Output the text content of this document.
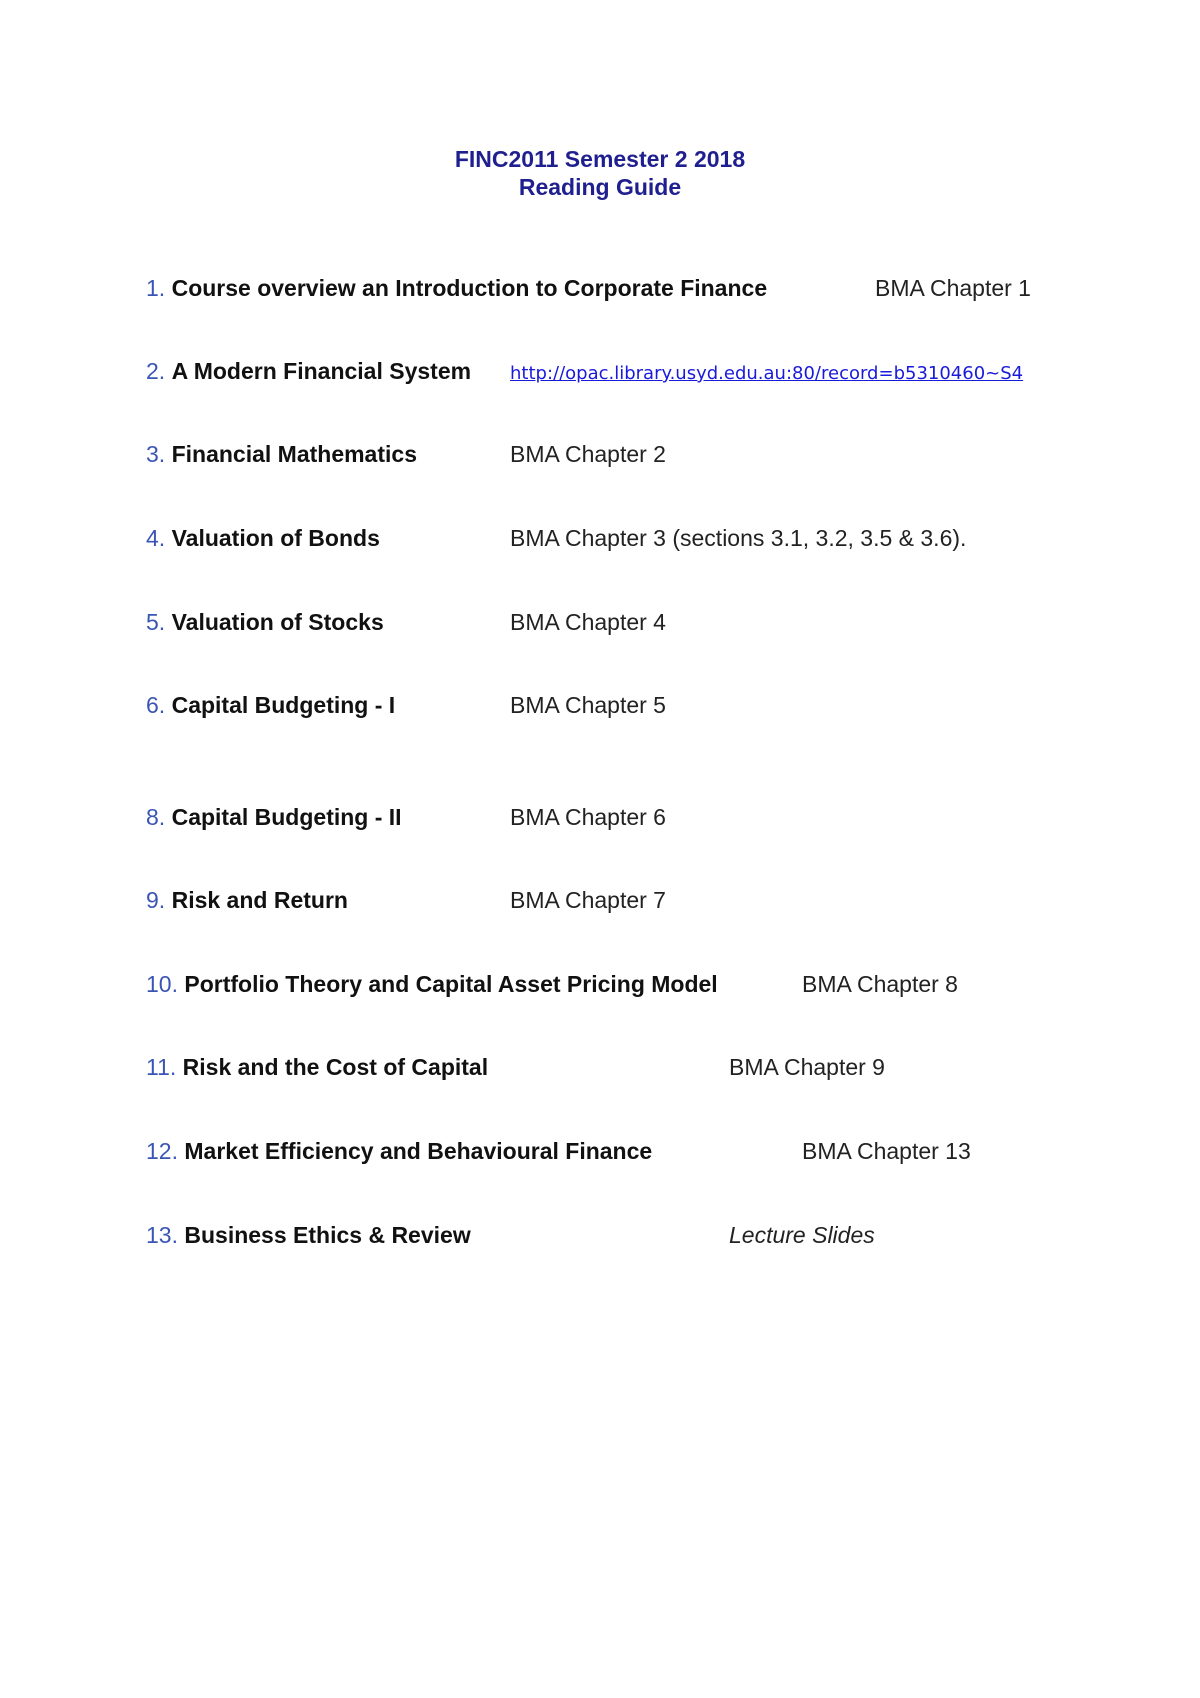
FINC2011 Semester 2 2018
Reading Guide
1. Course overview an Introduction to Corporate Finance	BMA Chapter 1
2. A Modern Financial System http://opac.library.usyd.edu.au:80/record=b5310460~S4
3. Financial Mathematics	BMA Chapter 2
4. Valuation of Bonds	BMA Chapter 3 (sections 3.1, 3.2, 3.5 & 3.6).
5. Valuation of Stocks	BMA Chapter 4
6. Capital Budgeting - I	BMA Chapter 5
8. Capital Budgeting - II	BMA Chapter 6
9. Risk and Return	BMA Chapter 7
10. Portfolio Theory and Capital Asset Pricing Model	BMA Chapter 8
11. Risk and the Cost of Capital	BMA Chapter 9
12. Market Efficiency and Behavioural Finance	BMA Chapter 13
13. Business Ethics & Review	Lecture Slides
